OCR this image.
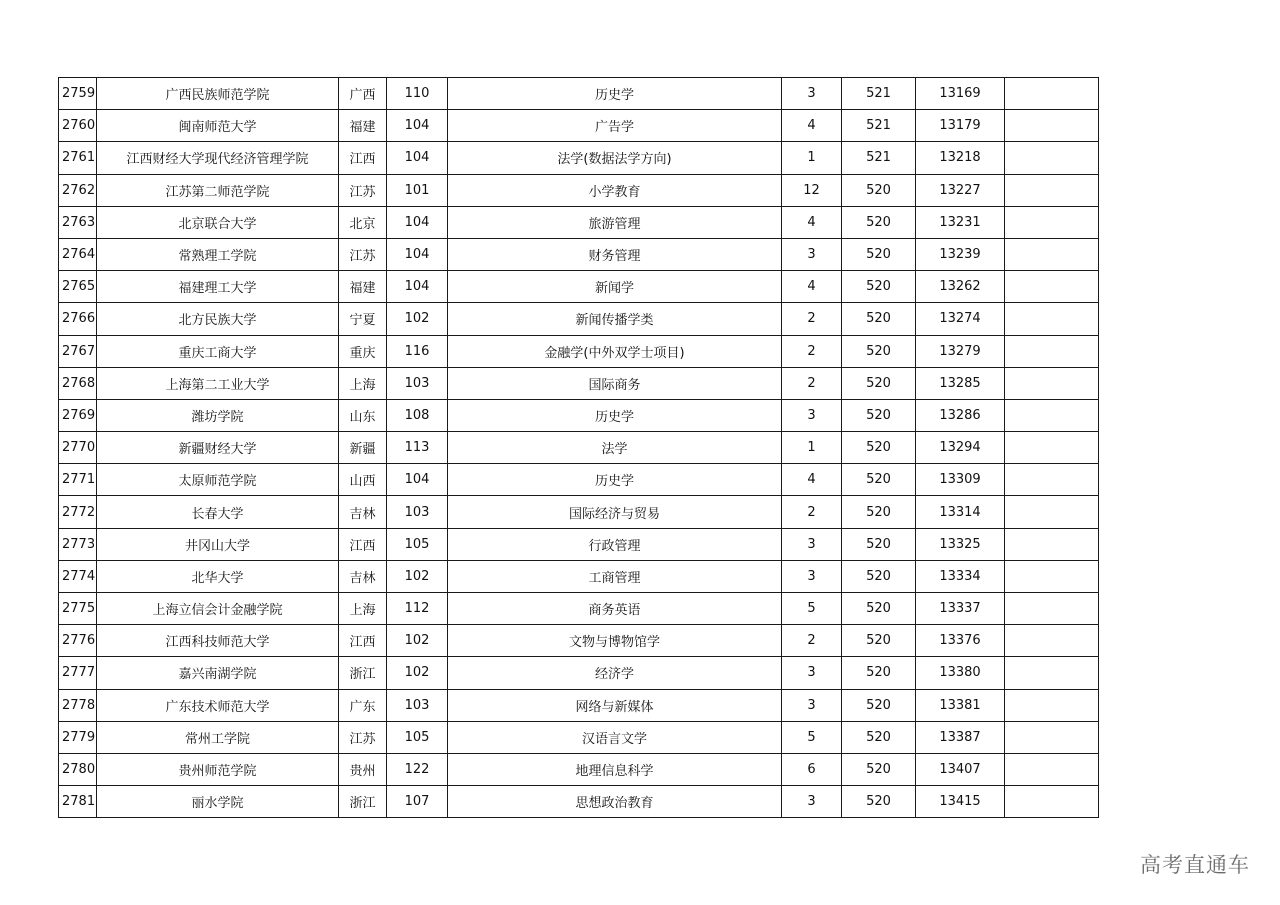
2759	广西民族师范学院	广西	110	历史学	3	521	13169	
2760	闽南师范大学	福建	104	广告学	4	521	13179	
2761	江西财经大学现代经济管理学院	江西	104	法学(数据法学方向)	1	521	13218	
2762	江苏第二师范学院	江苏	101	小学教育	12	520	13227	
2763	北京联合大学	北京	104	旅游管理	4	520	13231	
2764	常熟理工学院	江苏	104	财务管理	3	520	13239	
2765	福建理工大学	福建	104	新闻学	4	520	13262	
2766	北方民族大学	宁夏	102	新闻传播学类	2	520	13274	
2767	重庆工商大学	重庆	116	金融学(中外双学士项目)	2	520	13279	
2768	上海第二工业大学	上海	103	国际商务	2	520	13285	
2769	潍坊学院	山东	108	历史学	3	520	13286	
2770	新疆财经大学	新疆	113	法学	1	520	13294	
2771	太原师范学院	山西	104	历史学	4	520	13309	
2772	长春大学	吉林	103	国际经济与贸易	2	520	13314	
2773	井冈山大学	江西	105	行政管理	3	520	13325	
2774	北华大学	吉林	102	工商管理	3	520	13334	
2775	上海立信会计金融学院	上海	112	商务英语	5	520	13337	
2776	江西科技师范大学	江西	102	文物与博物馆学	2	520	13376	
2777	嘉兴南湖学院	浙江	102	经济学	3	520	13380	
2778	广东技术师范大学	广东	103	网络与新媒体	3	520	13381	
2779	常州工学院	江苏	105	汉语言文学	5	520	13387	
2780	贵州师范学院	贵州	122	地理信息科学	6	520	13407	
2781	丽水学院	浙江	107	思想政治教育	3	520	13415	
高考直通车
